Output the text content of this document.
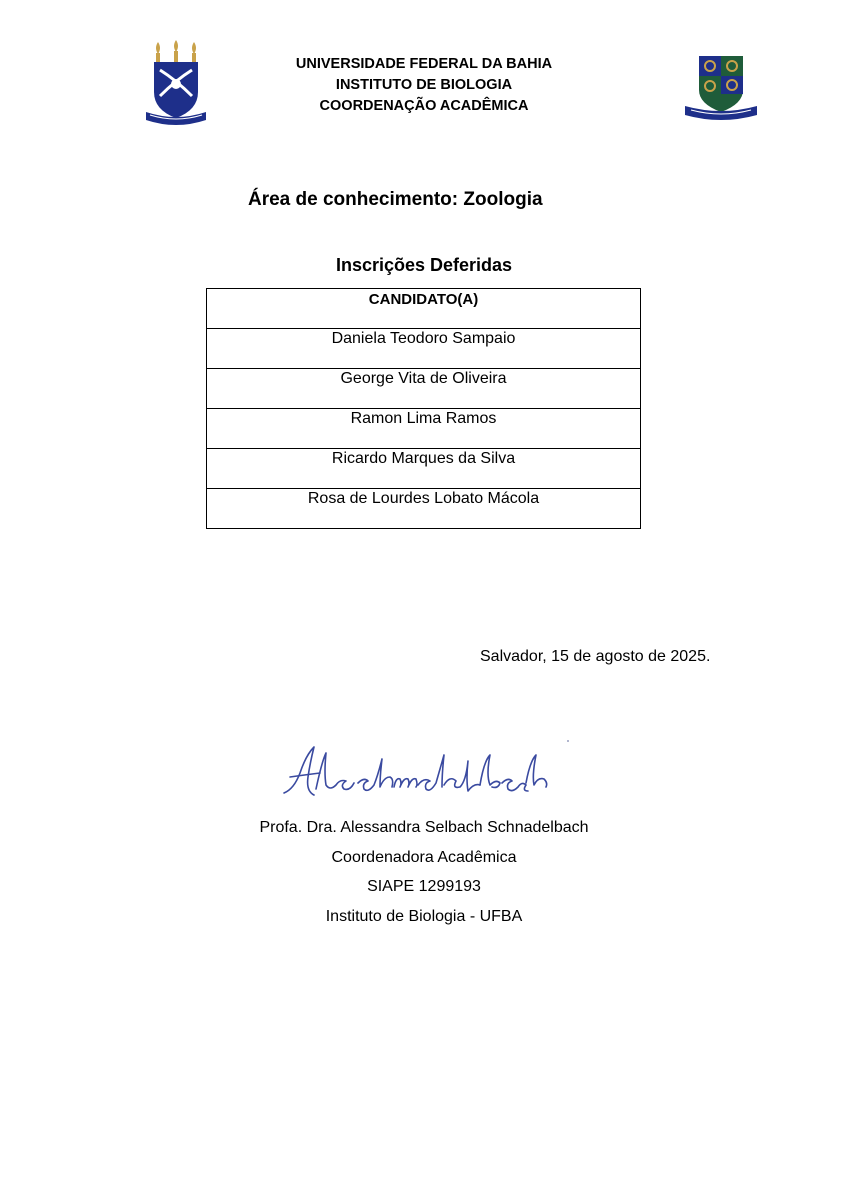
UNIVERSIDADE FEDERAL DA BAHIA
INSTITUTO DE BIOLOGIA
COORDENAÇÃO ACADÊMICA
Área de conhecimento: Zoologia
Inscrições Deferidas
CANDIDATO(A)

Daniela Teodoro Sampaio

George Vita de Oliveira

Ramon Lima Ramos

Ricardo Marques da Silva

Rosa de Lourdes Lobato Mácola
Salvador, 15 de agosto de 2025.
Profa. Dra. Alessandra Selbach Schnadelbach
Coordenadora Acadêmica
SIAPE 1299193
Instituto de Biologia - UFBA
